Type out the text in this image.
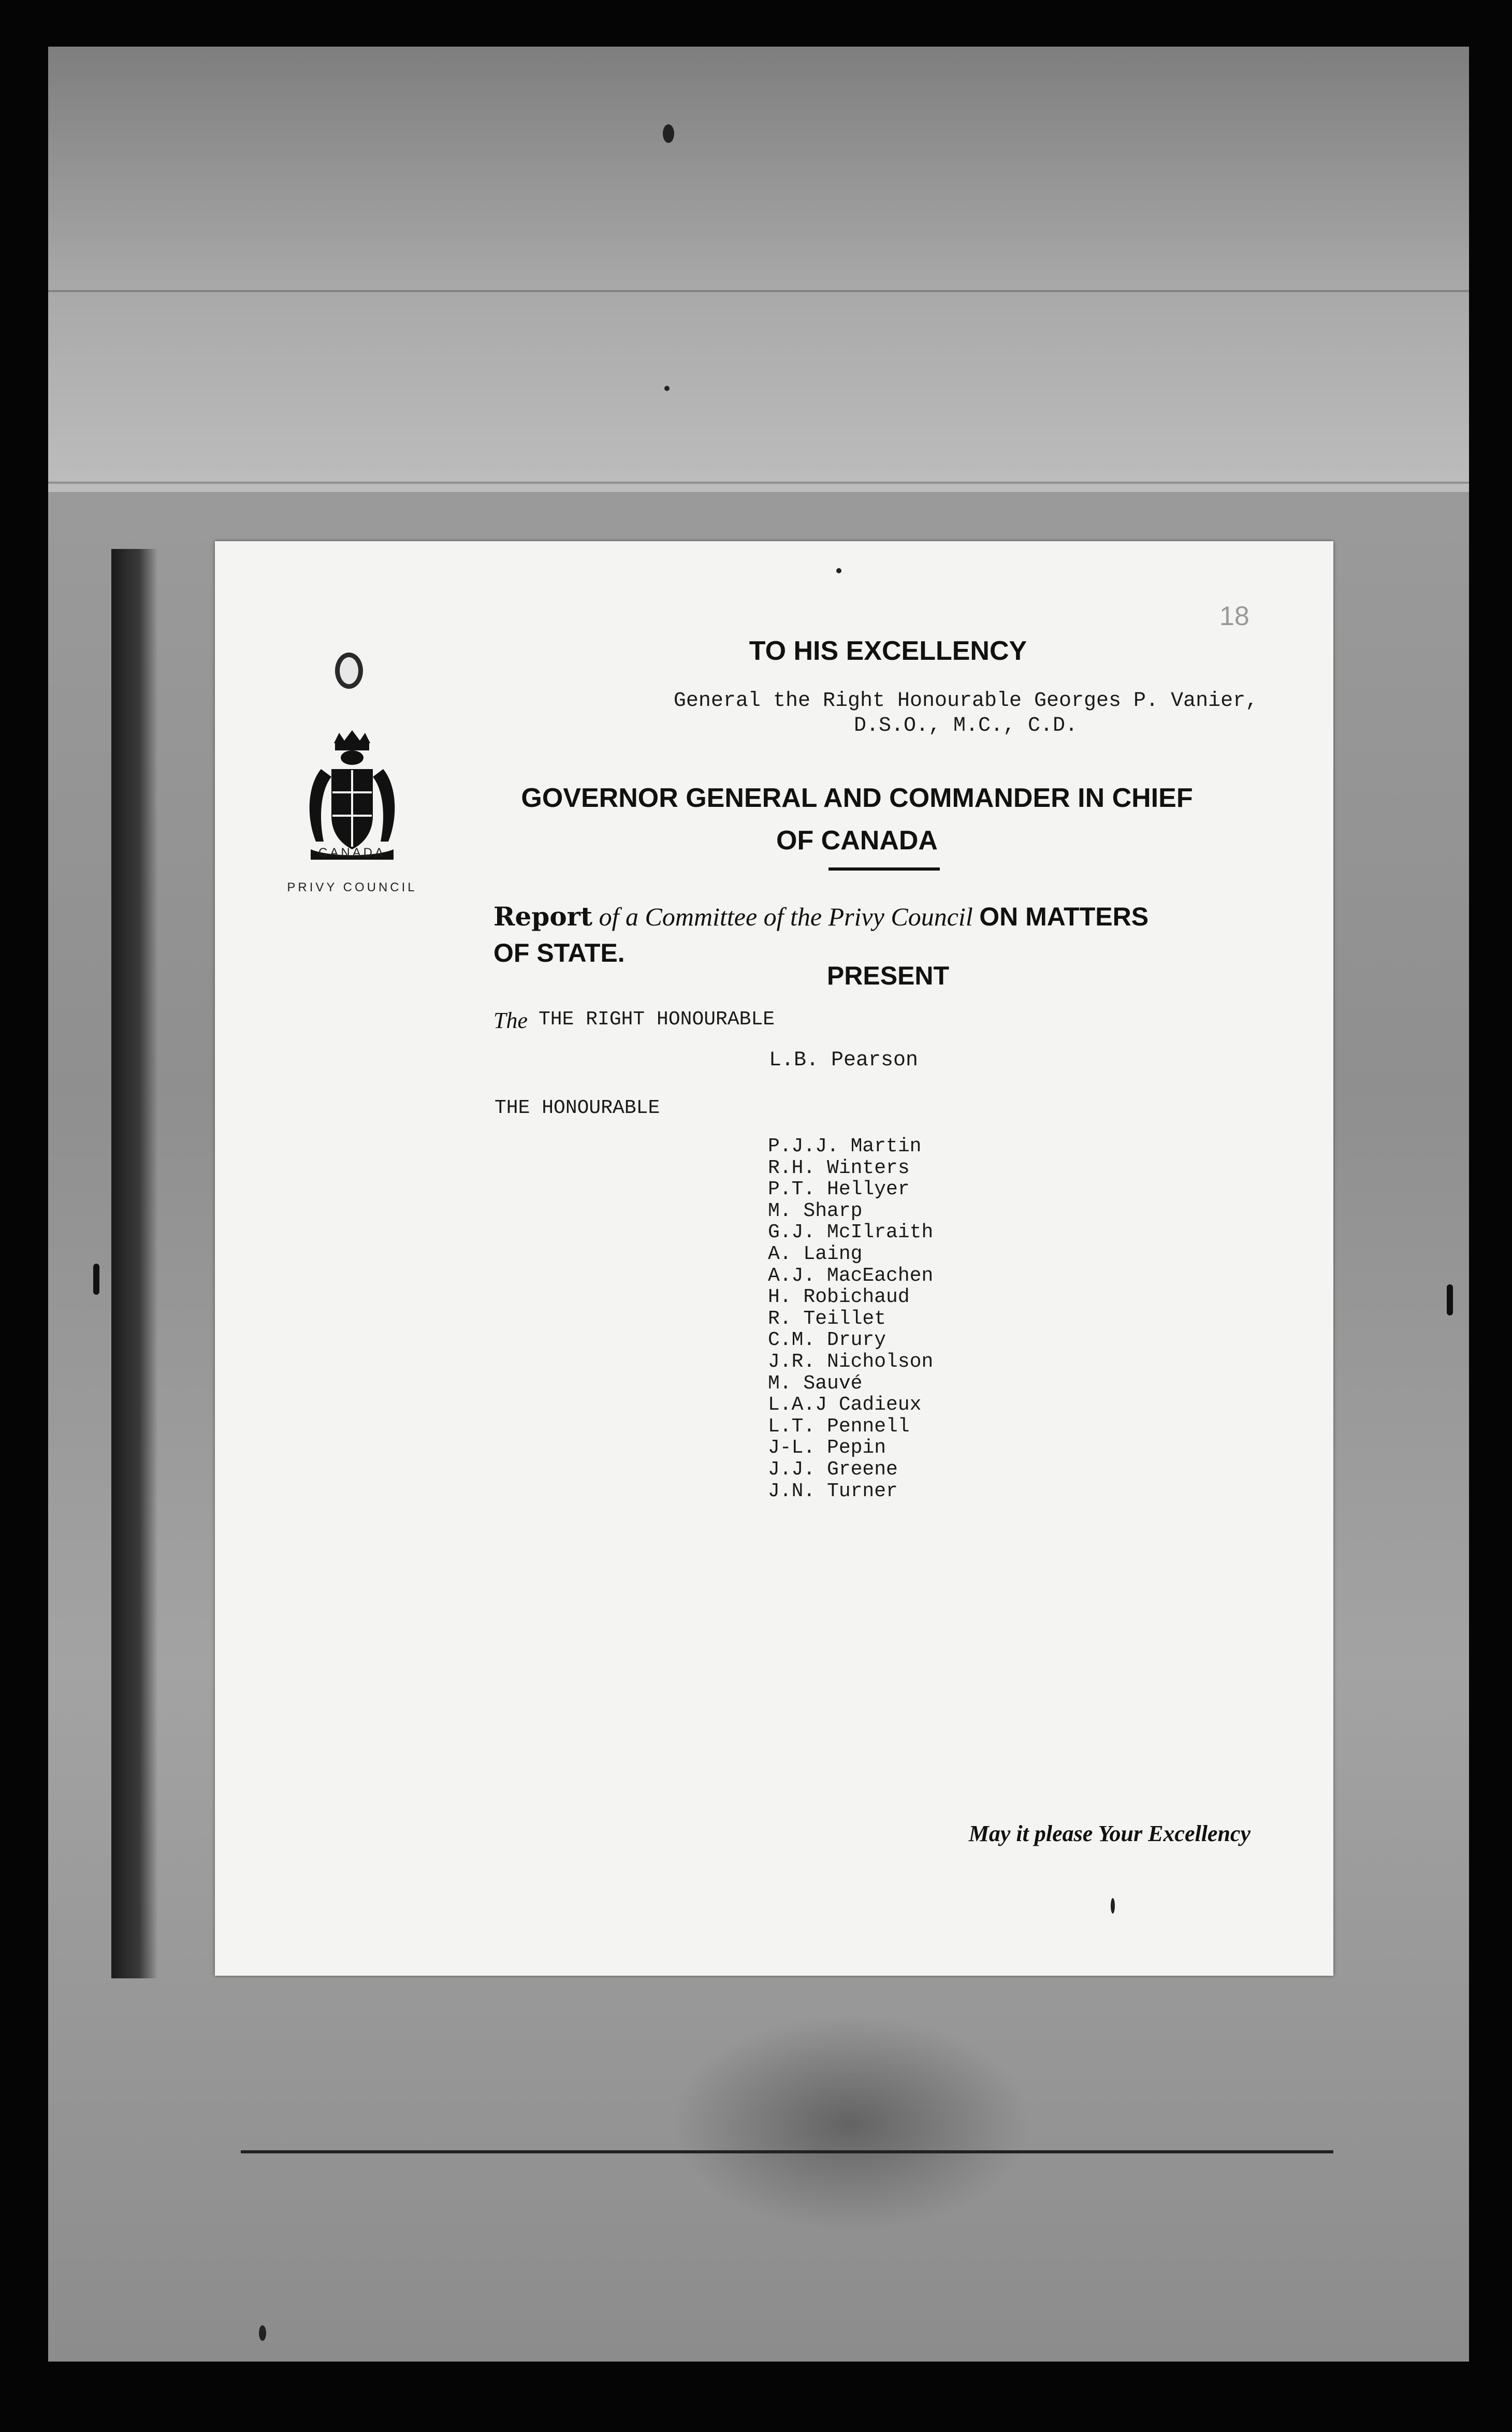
18
CANADA
PRIVY COUNCIL
TO HIS EXCELLENCY
General the Right Honourable Georges P. Vanier,
D.S.O., M.C., C.D.
GOVERNOR GENERAL AND COMMANDER IN CHIEF
OF CANADA
Report of a Committee of the Privy Council ON MATTERS
OF STATE.
PRESENT
The THE RIGHT HONOURABLE
L.B. Pearson
THE HONOURABLE
P.J.J. Martin
R.H. Winters
P.T. Hellyer
M. Sharp
G.J. McIlraith
A. Laing
A.J. MacEachen
H. Robichaud
R. Teillet
C.M. Drury
J.R. Nicholson
M. Sauvé
L.A.J Cadieux
L.T. Pennell
J-L. Pepin
J.J. Greene
J.N. Turner
May it please Your Excellency
